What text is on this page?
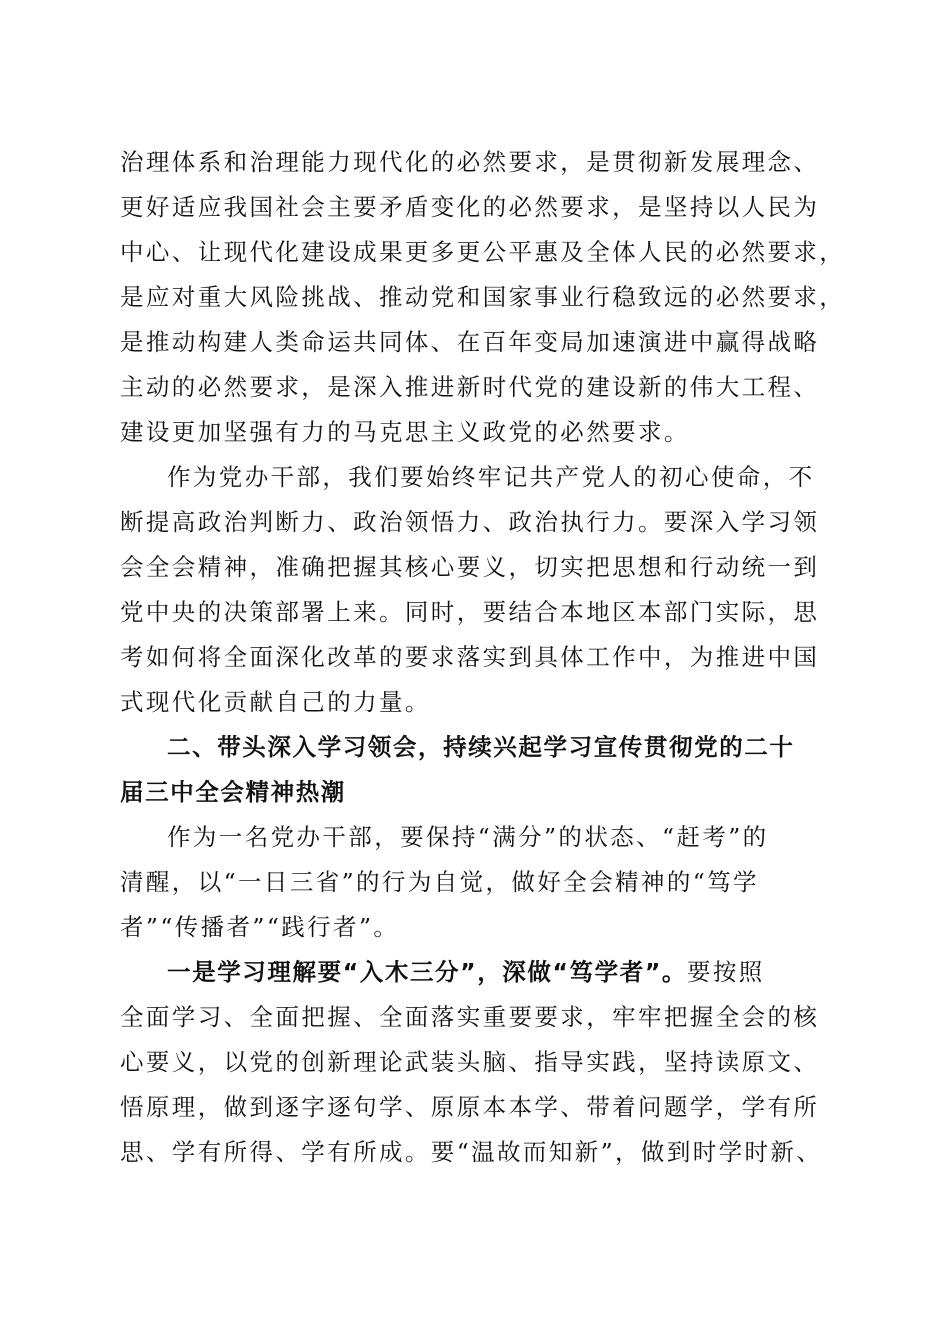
治理体系和治理能力现代化的必然要求，是贯彻新发展理念、
更好适应我国社会主要矛盾变化的必然要求，是坚持以人民为
中心、让现代化建设成果更多更公平惠及全体人民的必然要求，
是应对重大风险挑战、推动党和国家事业行稳致远的必然要求，
是推动构建人类命运共同体、在百年变局加速演进中赢得战略
主动的必然要求，是深入推进新时代党的建设新的伟大工程、
建设更加坚强有力的马克思主义政党的必然要求。
作为党办干部，我们要始终牢记共产党人的初心使命，不
断提高政治判断力、政治领悟力、政治执行力。要深入学习领
会全会精神，准确把握其核心要义，切实把思想和行动统一到
党中央的决策部署上来。同时，要结合本地区本部门实际，思
考如何将全面深化改革的要求落实到具体工作中，为推进中国
式现代化贡献自己的力量。
二、带头深入学习领会，持续兴起学习宣传贯彻党的二十
届三中全会精神热潮
作为一名党办干部，要保持“满分”的状态、“赶考”的
清醒，以“一日三省”的行为自觉，做好全会精神的“笃学
者”“传播者”“践行者”。
一是学习理解要“入木三分”，深做“笃学者”。要按照
全面学习、全面把握、全面落实重要要求，牢牢把握全会的核
心要义，以党的创新理论武装头脑、指导实践，坚持读原文、
悟原理，做到逐字逐句学、原原本本学、带着问题学，学有所
思、学有所得、学有所成。要“温故而知新”，做到时学时新、
